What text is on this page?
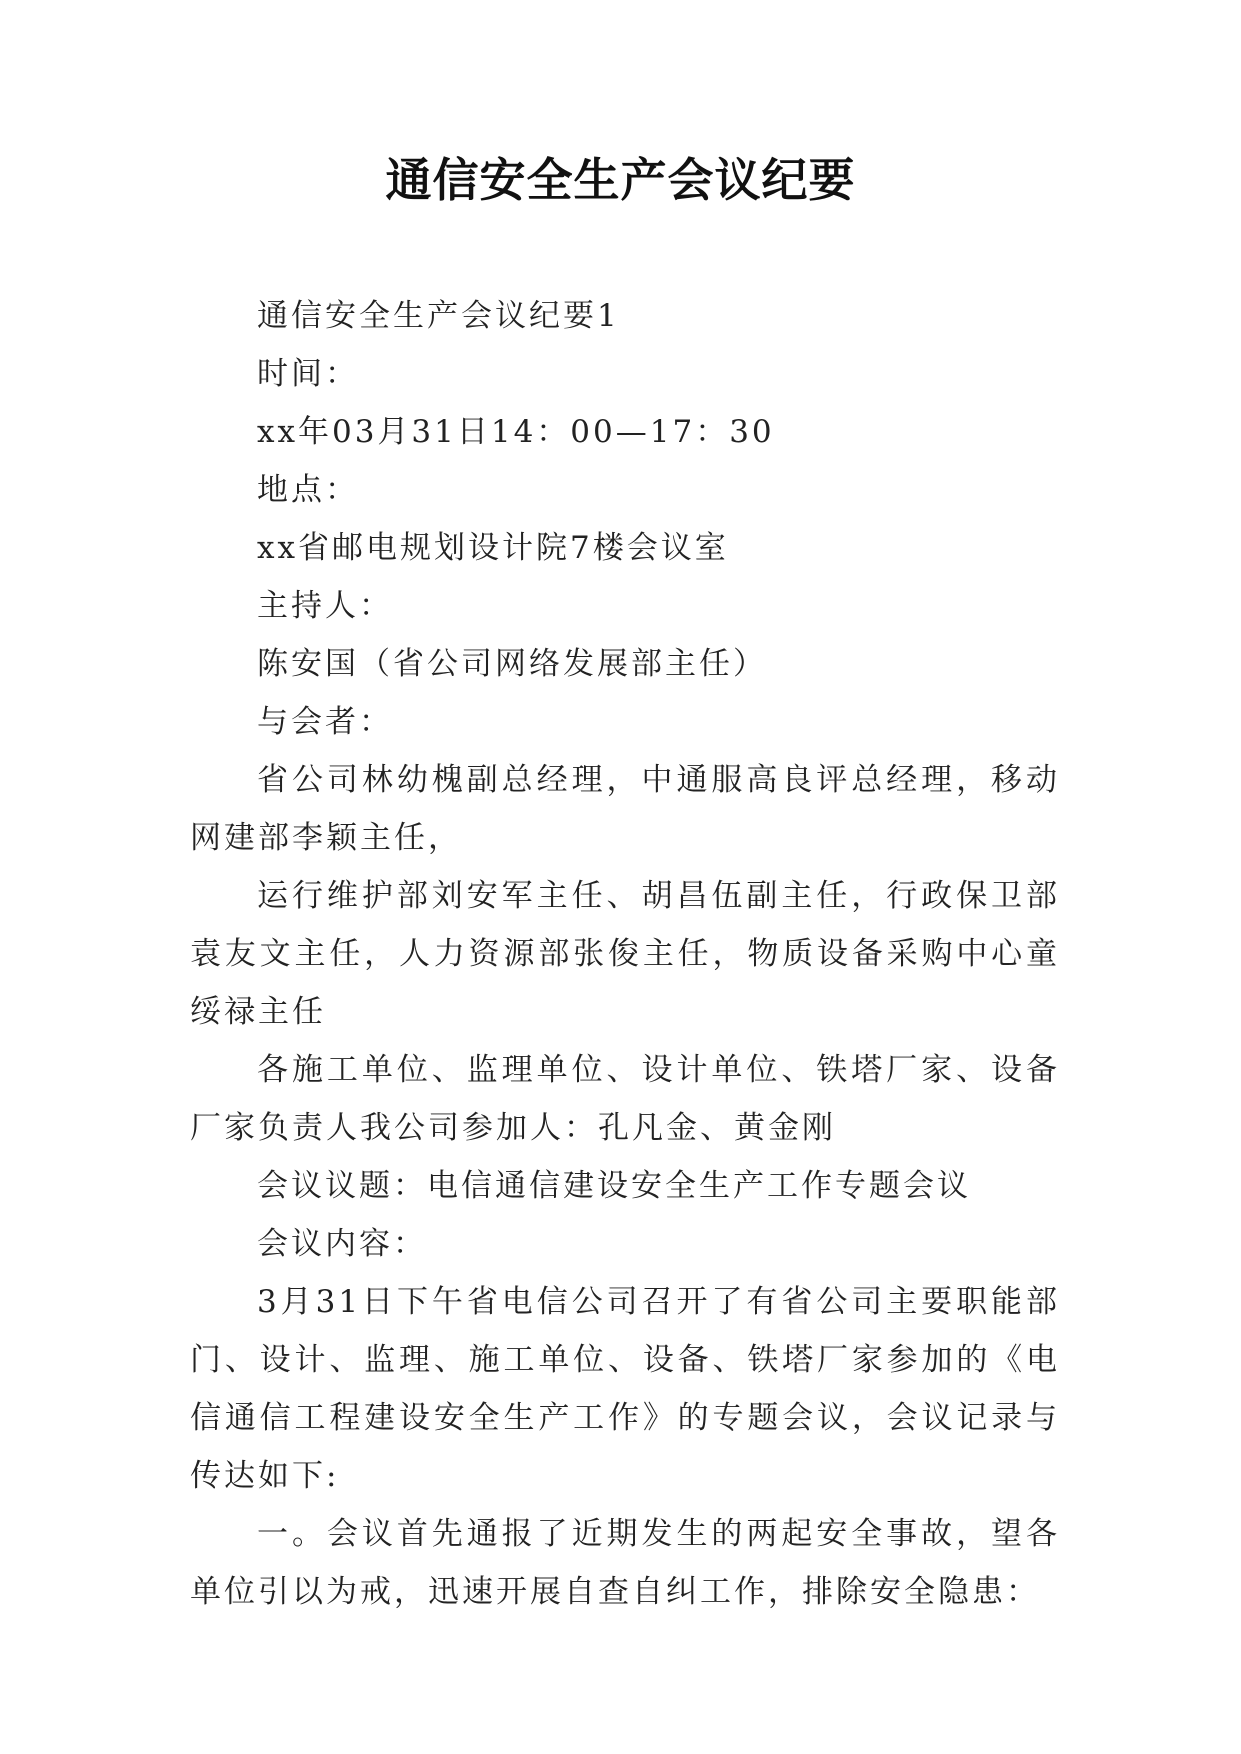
通信安全生产会议纪要

通信安全生产会议纪要1

时间：

xx年03月31日14：00—17：30

地点：

xx省邮电规划设计院7楼会议室

主持人：

陈安国（省公司网络发展部主任）

与会者：

省公司林幼槐副总经理，中通服高良评总经理，移动网建部李颖主任，

运行维护部刘安军主任、胡昌伍副主任，行政保卫部袁友文主任，人力资源部张俊主任，物质设备采购中心童绥禄主任

各施工单位、监理单位、设计单位、铁塔厂家、设备厂家负责人我公司参加人：孔凡金、黄金刚

会议议题：电信通信建设安全生产工作专题会议

会议内容：

3月31日下午省电信公司召开了有省公司主要职能部门、设计、监理、施工单位、设备、铁塔厂家参加的《电信通信工程建设安全生产工作》的专题会议，会议记录与传达如下:

一。会议首先通报了近期发生的两起安全事故，望各单位引以为戒，迅速开展自查自纠工作，排除安全隐患：
